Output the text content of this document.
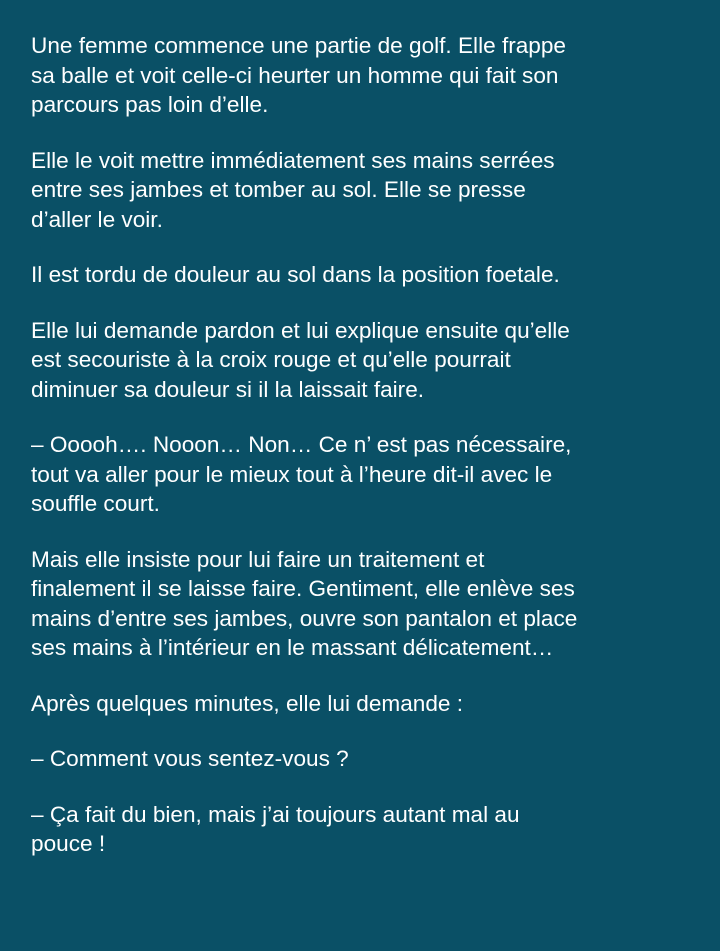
Une femme commence une partie de golf. Elle frappe
sa balle et voit celle-ci heurter un homme qui fait son
parcours pas loin d’elle.

Elle le voit mettre immédiatement ses mains serrées
entre ses jambes et tomber au sol. Elle se presse
d’aller le voir.

Il est tordu de douleur au sol dans la position foetale.

Elle lui demande pardon et lui explique ensuite qu’elle
est secouriste à la croix rouge et qu’elle pourrait
diminuer sa douleur si il la laissait faire.

– Ooooh…. Nooon… Non… Ce n’ est pas nécessaire,
tout va aller pour le mieux tout à l’heure dit-il avec le
souffle court.

Mais elle insiste pour lui faire un traitement et
finalement il se laisse faire. Gentiment, elle enlève ses
mains d’entre ses jambes, ouvre son pantalon et place
ses mains à l’intérieur en le massant délicatement…

Après quelques minutes, elle lui demande :

– Comment vous sentez-vous ?

– Ça fait du bien, mais j’ai toujours autant mal au
pouce !
